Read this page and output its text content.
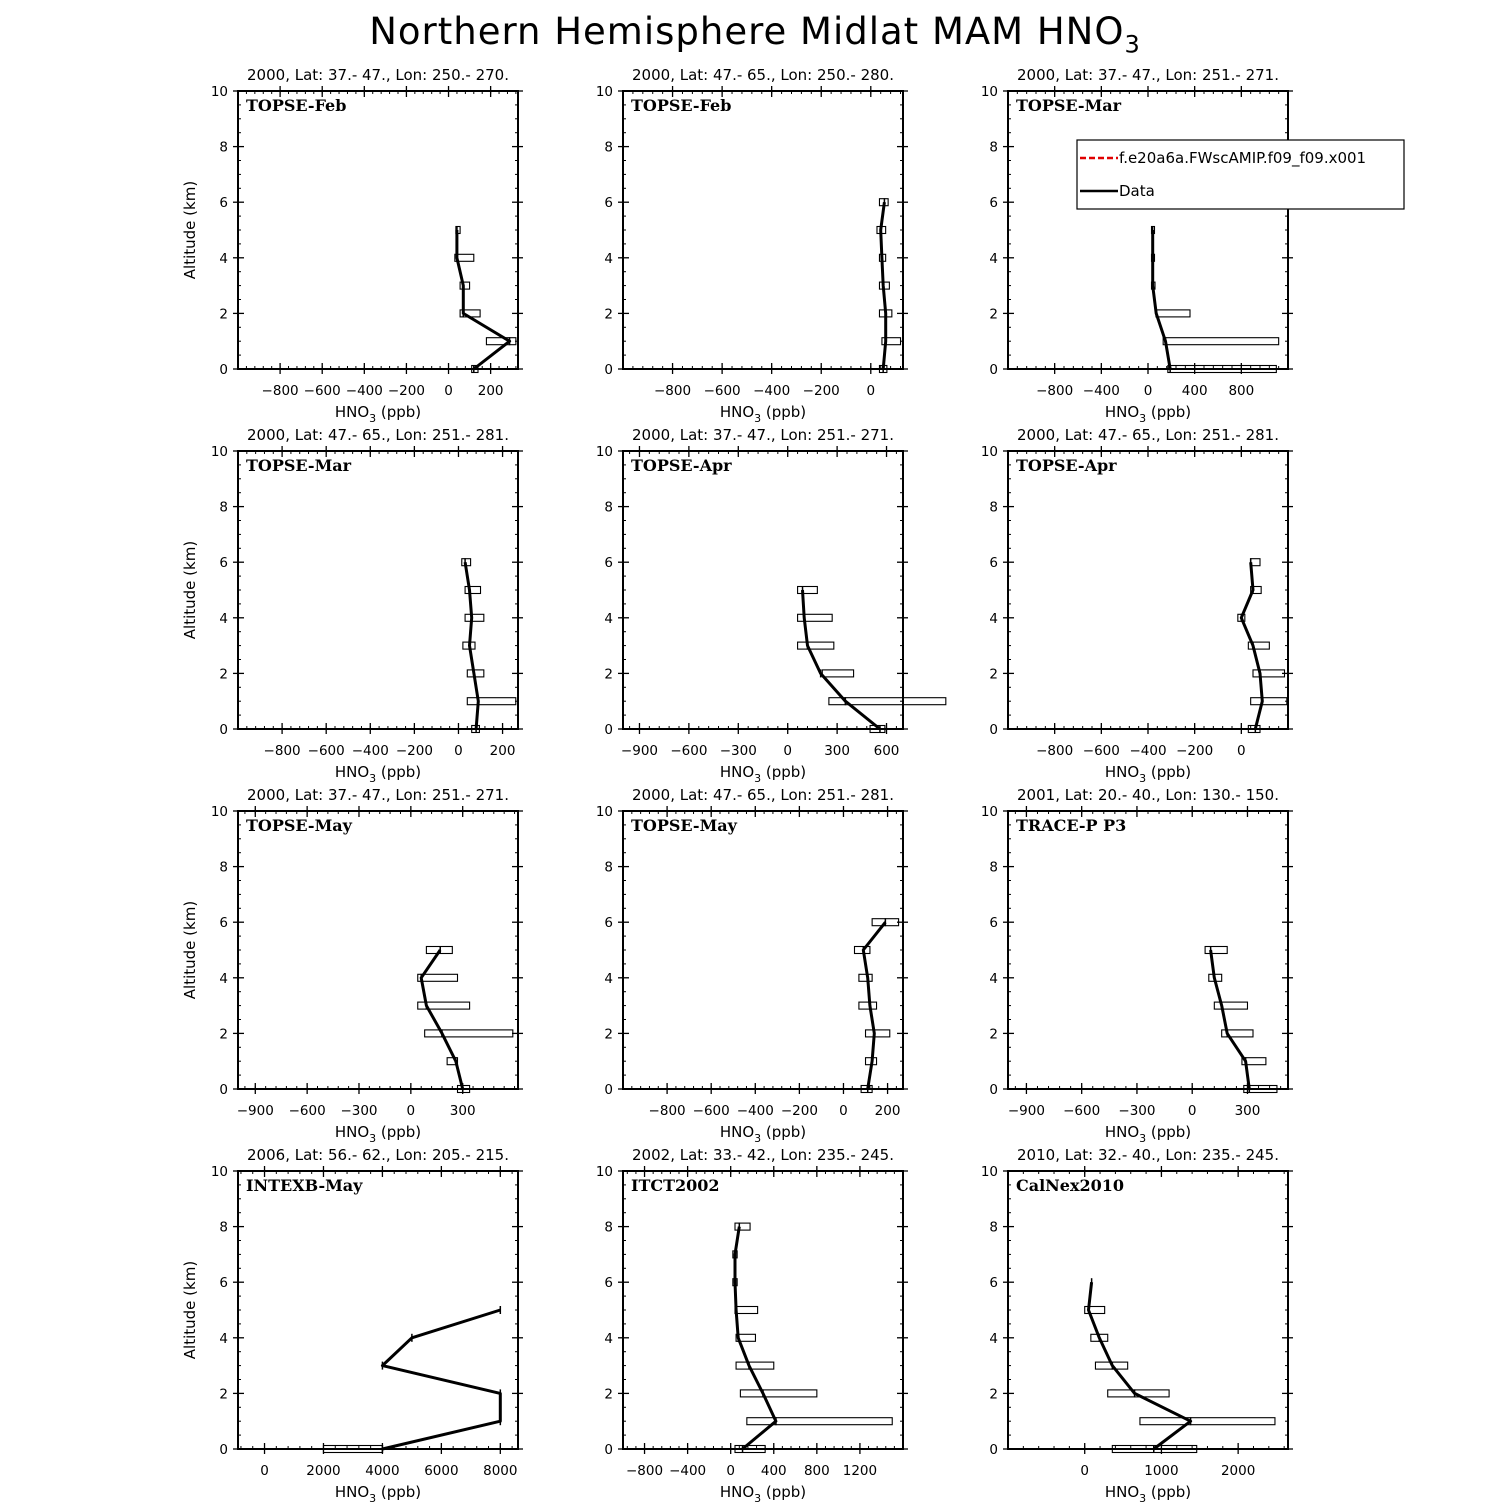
Northern Hemisphere Midlat MAM $HNO_3$
2000, Lat: 37.- 47., Lon: 250.- 270.
0
2
4
6
8
10
−800 −600 −400 −200 0 200
$HNO_3$ (ppb)
Altitude (km)
TOPSE-Feb
2000, Lat: 47.- 65., Lon: 250.- 280.
0
2
4
6
8
10
−800 −600 −400 −200 0
$HNO_3$ (ppb)
TOPSE-Feb
2000, Lat: 37.- 47., Lon: 251.- 271.
0
2
4
6
8
10
−800 −400 0 400 800
$HNO_3$ (ppb)
TOPSE-Mar
2000, Lat: 47.- 65., Lon: 251.- 281.
0
2
4
6
8
10
−800 −600 −400 −200 0 200
$HNO_3$ (ppb)
Altitude (km)
TOPSE-Mar
2000, Lat: 37.- 47., Lon: 251.- 271.
0
2
4
6
8
10
−900 −600 −300 0 300 600
$HNO_3$ (ppb)
TOPSE-Apr
2000, Lat: 47.- 65., Lon: 251.- 281.
0
2
4
6
8
10
−800 −600 −400 −200 0
$HNO_3$ (ppb)
TOPSE-Apr
2000, Lat: 37.- 47., Lon: 251.- 271.
0
2
4
6
8
10
−900 −600 −300 0	300
$HNO_3$ (ppb)
Altitude (km)
TOPSE-May
2000, Lat: 47.- 65., Lon: 251.- 281.
0
2
4
6
8
10
−800 −600 −400 −200 0 200
$HNO_3$ (ppb)
TOPSE-May
2001, Lat: 20.- 40., Lon: 130.- 150.
0
2
4
6
8
10
−900 −600 −300 0	300
$HNO_3$ (ppb)
TRACE-P P3
2006, Lat: 56.- 62., Lon: 205.- 215.
0
2
4
6
8
10
0	2000 4000 6000 8000
$HNO_3$ (ppb)
Altitude (km)
INTEXB-May
2002, Lat: 33.- 42., Lon: 235.- 245.
0
2
4
6
8
10
−800 −400 0 400 800 1200
$HNO_3$ (ppb)
ITCT2002
2010, Lat: 32.- 40., Lon: 235.- 245.
0
2
4
6
8
10
0	1000	2000
$HNO_3$ (ppb)
CalNex2010
f.e20a6a.FWscAMIP.f09_f09.x001
Data
